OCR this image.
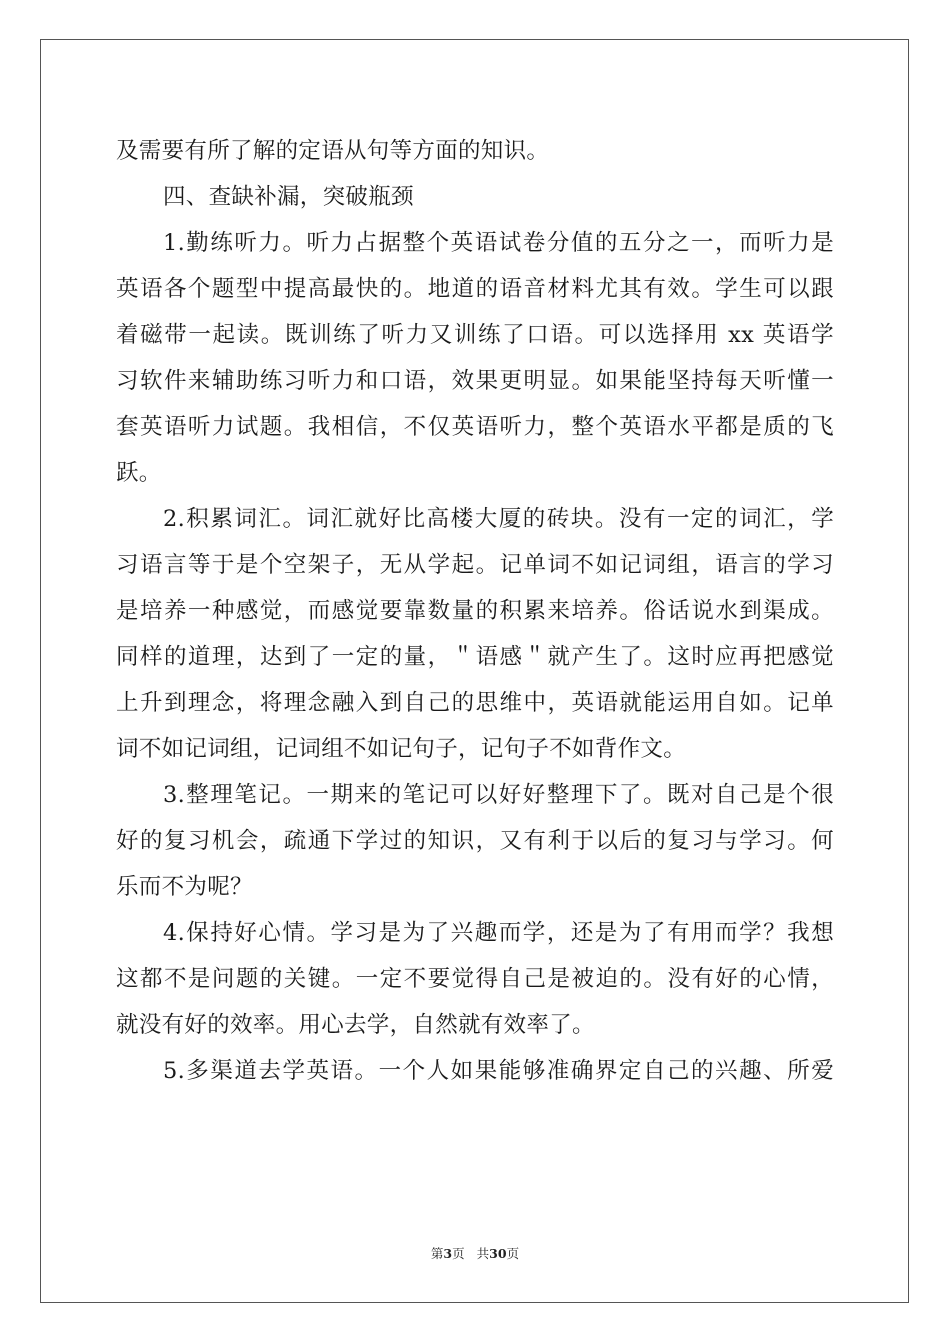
及需要有所了解的定语从句等方面的知识。
四、查缺补漏，突破瓶颈
1.勤练听力。听力占据整个英语试卷分值的五分之一，而听力是
英语各个题型中提高最快的。地道的语音材料尤其有效。学生可以跟
着磁带一起读。既训练了听力又训练了口语。可以选择用 xx 英语学
习软件来辅助练习听力和口语，效果更明显。如果能坚持每天听懂一
套英语听力试题。我相信，不仅英语听力，整个英语水平都是质的飞
跃。
2.积累词汇。词汇就好比高楼大厦的砖块。没有一定的词汇，学
习语言等于是个空架子，无从学起。记单词不如记词组，语言的学习
是培养一种感觉，而感觉要靠数量的积累来培养。俗话说水到渠成。
同样的道理，达到了一定的量，＂语感＂就产生了。这时应再把感觉
上升到理念，将理念融入到自己的思维中，英语就能运用自如。记单
词不如记词组，记词组不如记句子，记句子不如背作文。
3.整理笔记。一期来的笔记可以好好整理下了。既对自己是个很
好的复习机会，疏通下学过的知识，又有利于以后的复习与学习。何
乐而不为呢？
4.保持好心情。学习是为了兴趣而学，还是为了有用而学？我想
这都不是问题的关键。一定不要觉得自己是被迫的。没有好的心情，
就没有好的效率。用心去学，自然就有效率了。
5.多渠道去学英语。一个人如果能够准确界定自己的兴趣、所爱
第3页 共30页
